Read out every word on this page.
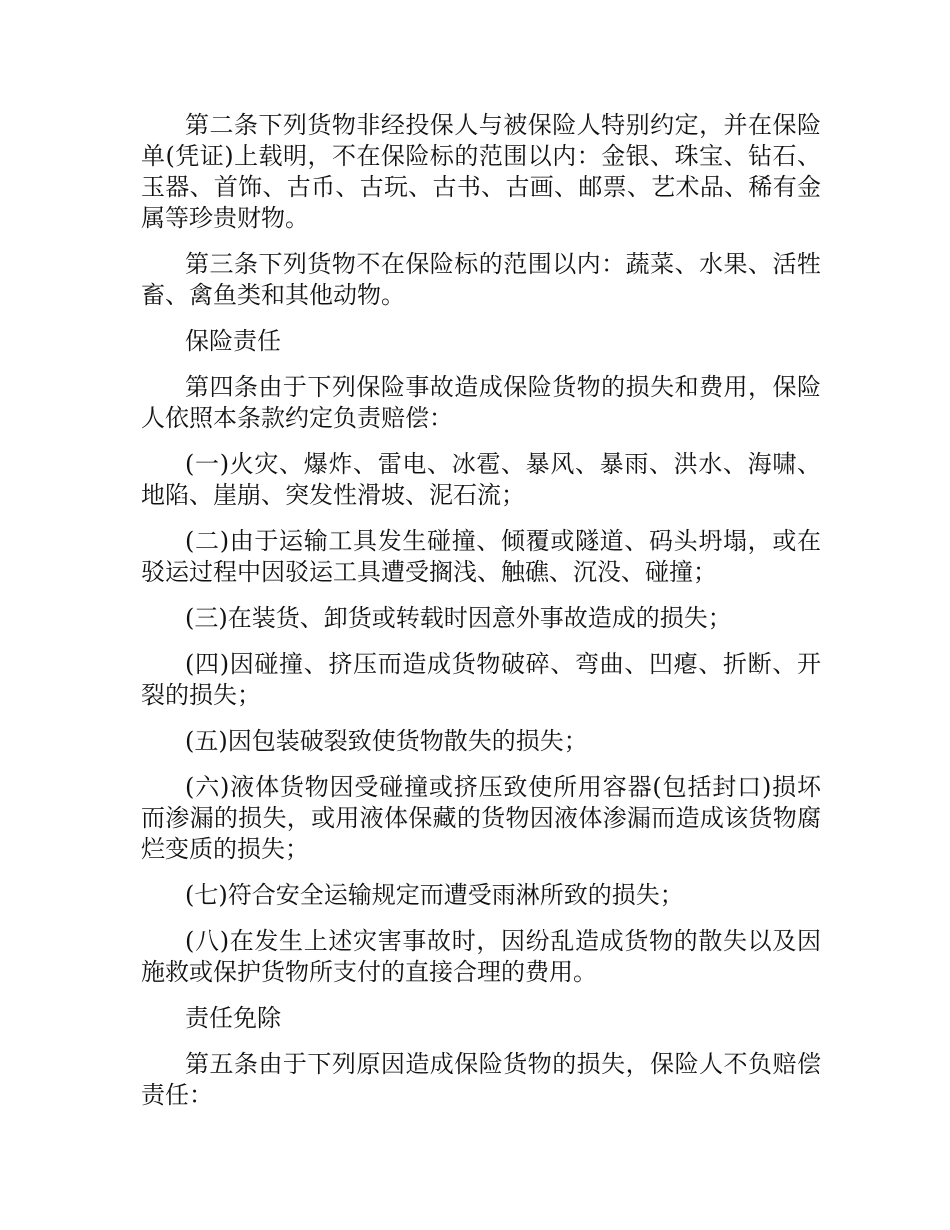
第二条下列货物非经投保人与被保险人特别约定，并在保险单(凭证)上载明，不在保险标的范围以内：金银、珠宝、钻石、玉器、首饰、古币、古玩、古书、古画、邮票、艺术品、稀有金属等珍贵财物。

第三条下列货物不在保险标的范围以内：蔬菜、水果、活牲畜、禽鱼类和其他动物。

保险责任

第四条由于下列保险事故造成保险货物的损失和费用，保险人依照本条款约定负责赔偿：

(一)火灾、爆炸、雷电、冰雹、暴风、暴雨、洪水、海啸、地陷、崖崩、突发性滑坡、泥石流；

(二)由于运输工具发生碰撞、倾覆或隧道、码头坍塌，或在驳运过程中因驳运工具遭受搁浅、触礁、沉没、碰撞；

(三)在装货、卸货或转载时因意外事故造成的损失；

(四)因碰撞、挤压而造成货物破碎、弯曲、凹瘪、折断、开裂的损失；

(五)因包装破裂致使货物散失的损失；

(六)液体货物因受碰撞或挤压致使所用容器(包括封口)损坏而渗漏的损失，或用液体保藏的货物因液体渗漏而造成该货物腐烂变质的损失；

(七)符合安全运输规定而遭受雨淋所致的损失；

(八)在发生上述灾害事故时，因纷乱造成货物的散失以及因施救或保护货物所支付的直接合理的费用。

责任免除

第五条由于下列原因造成保险货物的损失，保险人不负赔偿责任：
